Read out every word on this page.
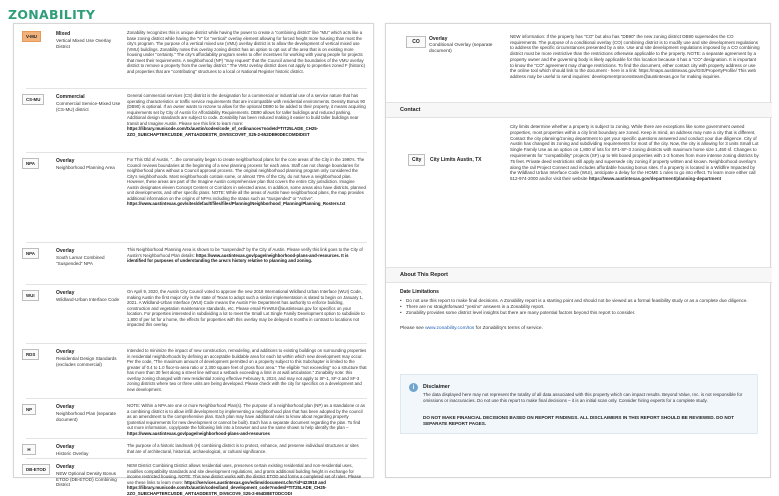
ZONABILITY
V-MU	Mixed
Vertical Mixed Use Overlay District
Zonability recognizes this is unique district while having the power to create a "combining district" like "MU" which acts like a base zoning district while having the "V" for "vertical" overlay element allowing for forced height more housing than most the city's program. The purpose of a vertical mixed use (VMU) overlay district is to allow the development of vertical mixed use (VMU) buildings. Zonability notes this overlay zoning district has an option to opt out of the area that is on existing more housing under "certainty." The city's affordability program seeks to offer incentives for working with young people for projects that meet their requirements. A neighborhood (NP) "may request" that the Council amend the boundaries of the VMU overlay district to remove a property from the overlay district." The VMU overlay district does not apply to properties zoned F (historic) and properties that are "contributing" structures to a local or National Register historic district.
CS-MU	Commercial
Commercial Service-Mixed Use (CS-MU) district
General commercial services (CS) district is the designation for a commercial or industrial use of a service nature that has operating characteristics or traffic service requirements that are incompatible with residential environments. Density Bonus 90 (DB90) is optional. If an owner wants to rezone to allow for the optional DB90 to be added to their property, it means acquiring requirements set by City of Austin for Affordability Requirements. DB90 allows for taller buildings and reduced parking. Additional design standards are subject to code. Zonability has been reduced making it easier to build taller buildings near transit and Imagine Austin. Please see this link to learn more: https://library.municode.com/tx/austin/codes/code_of_ordinances?nodeId=TIT25LADE_CH25-2ZO_SUBCHAPTERCUSDE_ART4ADDESTR_DIV5SCOV9T_S25-2-652DB90DECOMDIDIST
NPA	Overlay
Neighborhood Planning Area
For This Old of Austin, "...the community began to create neighborhood plans for the core areas of the City in the 1990's. The Council reviews boundaries at the beginning of a new planning process for each area. Staff can not change boundaries for neighborhood plans without a Council approval process. The original neighborhood planning program only considered the City's neighborhoods. Most neighborhoods contain some, or almost 70% of the City, do not have a neighborhood plan. However, these areas are part of the Imagine Austin comprehensive plan that covers the entire City jurisdiction. Imagine Austin designates eleven Concept Centers or Corridors in selected areas. In addition, some areas also have districts, planned unit developments, and other specific plans. NOTE: While all the areas of Austin have neighborhood plans, the map provides additional information on the origins of NPAs including the status such as "Suspended" or "Active". https://www.austintexas.gov/sites/default/files/files/Planning/Neighborhood_Planning/Planning_Rosters.txt
NPA	Overlay
South Lamar Combined "Suspended" NPA
This Neighborhood Planning Area is shown to be "suspended" by the City of Austin. Please verify this link goes to the City of Austin's Neighborhood Plan details: https://www.austintexas.gov/page/neighborhood-plans-and-resources. It is identified for purposes of understanding the area's history relative to planning and zoning.
WUI	Overlay
Wildland-Urban Interface Code
On April 9, 2020, the Austin City Council voted to approve the new 2018 International Wildland Urban Interface (WUI) Code, making Austin the first major city in the state of Texas to adopt such a similar implementation is slated to begin on January 1, 2021. A Wildland-Urban Interface (WUI) Code means the Austin Fire Department has authority to enforce building, construction and vegetation maintenance standards, etc. Please email FireWUI@austintexas.gov for specifics on your location. For properties interested in subdividing a lot to meet the Small Lot Single Family Development option to subdivide to 1,800 sf per lot for a home, the effects for properties with this overlay may be delayed 6 months in contrast to locations not impacted this overlay.
RDS	Overlay
Residential Design Standards (excludes commercial)
Intended to minimize the impact of new construction, remodeling, and additions to existing buildings on surrounding properties in residential neighborhoods by defining an acceptable buildable area for each lot within which new development may occur. Per the code, "The maximum amount of development permitted on a property subject to this Subchapter is limited to the greater of 0.4 to 1.0 floor-to-area ratio or 2,300 square feet of gross floor area." The eligible "not exceeding" so a structure that has more than 30 feet along a street line without a setback exceeding a limit in at wall articulation." Zonability note: this overlay zoning changed with new residential zoning effective February 5, 2024, and may not apply to SF-1, SF-2 and SF-3 zoning districts where two or three units are being developed. Please check with the city for specifics on a development and new development.
NP	Overlay
Neighborhood Plan (separate document)
NOTE: Within a NPA are one or more Neighborhood Plan(s). The purpose of a neighborhood plan (NP) as a standalone or as a combining district is to allow infill development by implementing a neighborhood plan that has been adopted by the council as an amendment to the comprehensive plan. Each plan may have additional rules to know about regarding property (potential requirements for new development or cannot be built). Each has a separate document regarding the plan. To find out more information, copy/paste the following link into a browser and use the same shown to help identify the plan – https://www.austintexas.gov/page/neighborhood-plans-and-resources
H	Overlay
Historic Overlay
The purpose of a historic landmark (H) combining district is to protect, enhance, and preserve individual structures or sites that are of architectural, historical, archaeological, or cultural significance.
DB-ETOD	Overlay
NEW Optional Density Bonus ETOD (DB-ETOD) Combining District
NEW District Combining District allows residential uses, preserves certain existing residential and non-residential uses, modifies compatibility standards and site development regulations, and grants additional building height in exchange for income restricted housing. NOTE: This new district works with the district ETOD and forms a completed set of rules. Please use these links to learn more: https://services.austintexas.gov/edims/document.cfm?id=423918 and https://library.municode.com/tx/austin/codes/land_development_code?nodeId=TIT25LADE_CH25-2ZO_SUBCHAPTERCUSDE_ART4ADDESTR_DIV6COV9_S25-2-654DBETODCODI
CO	Overlay
Conditional Overlay (separate document)
NEW information: If the property has "CO" but also has "DB90" the new zoning district DB90 supersedes the CO requirements. The purpose of a conditional overlay (CO) combining district is to modify use and site development regulations to address the specific circumstances presented by a site. Use and site development regulations imposed by a CO combining district must be more restrictive than the restrictions otherwise applicable to the property. NOTE: a separate agreement by a property owner and the governing body is likely applicable for this location because it has a "CO" designation. It is important to know the "CO" agreement may change restrictions. To find the document, either contact city with property address or use the online tool which should link to the document - here is a link: https://maps.austintexas.gov/GIS/PropertyProfile/ This web address may be useful to send inquiries: developmentprocessteam@austintexas.gov for making inquiries.
Contact
City	City Limits Austin, TX
City limits determine whether a property is subject to zoning. While there are exceptions like some government owned properties, most properties within a city limit boundary are zoned. Keep in mind, an address may note a city that is different. Contact the city planning/zoning department to get your specific questions answered and conduct your due diligence. City of Austin has changed its zoning and subdividing requirements for most of the city. Now, the city is allowing for 3 units Small Lot Single Family Use as an option on 1,800 sf lots for SF1-SF-3 zoning districts with maximum home size 1,450 sf. Changes to requirements for "compatibility" projects (SF) up to 9/6 boxed properties with 1-3 homes from more intense zoning districts by 75 feet. Private deed restrictions still apply and supersede city zoning if property written and known. Neighborhood overlay's along the rail Project Connect and includes affordable housing bonus sites. If a property is located in a Wildfire Impacted by the Wildland Urban Interface Code (WUI), anticipate a delay for the HOME 1 rules to go into effect. To learn more either call 512-974-2000 and/or visit their website https://www.austintexas.gov/department/planning-department
About This Report
Date Limitations
• Do not use this report to make final decisions. A Zonability report is a starting point and should not be viewed as a formal feasibility study or as a complete due diligence.
• There are no straightforward "yes/no" answers in a Zonability report.
• Zonability provides some district level insights but there are many potential factors beyond this report to consider.
Please see www.zonability.com/tos for Zonability's terms of service.
i	Disclaimer
The data displayed here may not represent the totality of all data associated with this property which can impact results. Beyond Value, Inc. is not responsible for omissions or inaccuracies. Do not use this report to make final decisions – it is an initial scan only. Consider hiring experts for a complete study.
DO NOT MAKE FINANCIAL DECISIONS BASED ON REPORT FINDINGS. ALL DISCLAIMERS IN THIS REPORT SHOULD BE REVIEWED. DO NOT SEPARATE REPORT PAGES.
